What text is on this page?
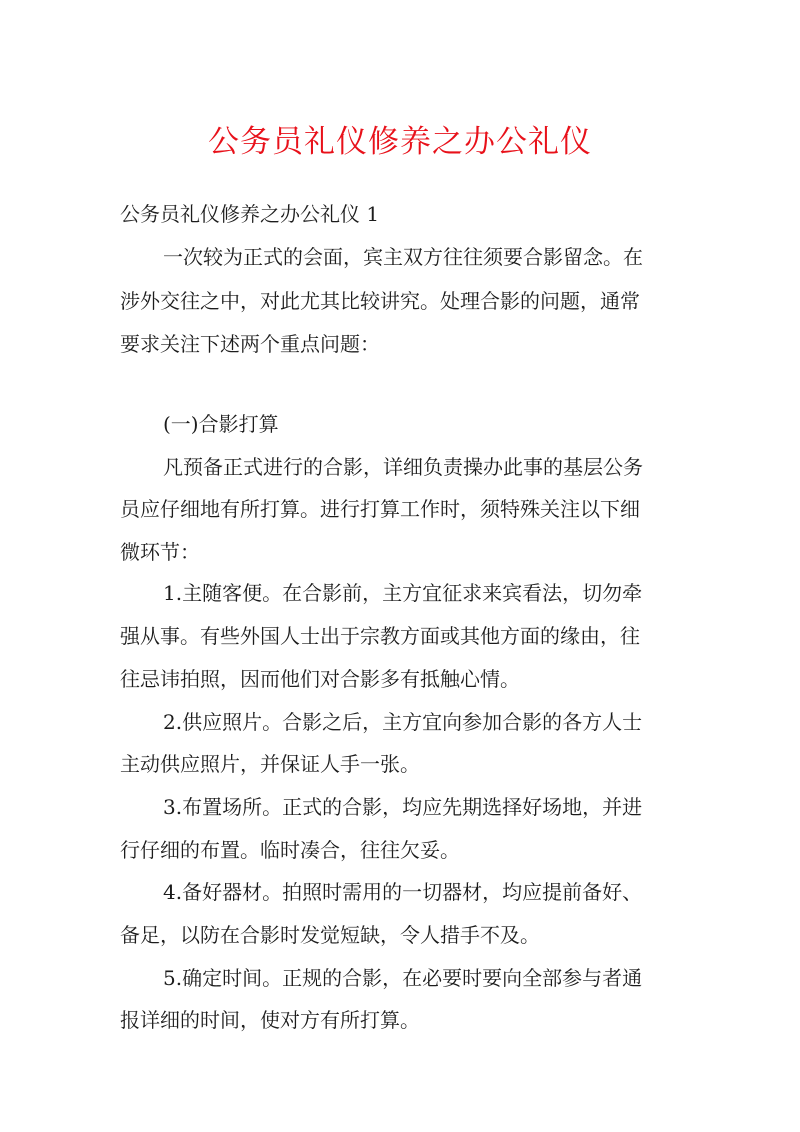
公务员礼仪修养之办公礼仪
公务员礼仪修养之办公礼仪 1
一次较为正式的会面，宾主双方往往须要合影留念。在
涉外交往之中，对此尤其比较讲究。处理合影的问题，通常
要求关注下述两个重点问题：
(一)合影打算
凡预备正式进行的合影，详细负责操办此事的基层公务
员应仔细地有所打算。进行打算工作时，须特殊关注以下细
微环节：
1.主随客便。在合影前，主方宜征求来宾看法，切勿牵
强从事。有些外国人士出于宗教方面或其他方面的缘由，往
往忌讳拍照，因而他们对合影多有抵触心情。
2.供应照片。合影之后，主方宜向参加合影的各方人士
主动供应照片，并保证人手一张。
3.布置场所。正式的合影，均应先期选择好场地，并进
行仔细的布置。临时凑合，往往欠妥。
4.备好器材。拍照时需用的一切器材，均应提前备好、
备足，以防在合影时发觉短缺，令人措手不及。
5.确定时间。正规的合影，在必要时要向全部参与者通
报详细的时间，使对方有所打算。
